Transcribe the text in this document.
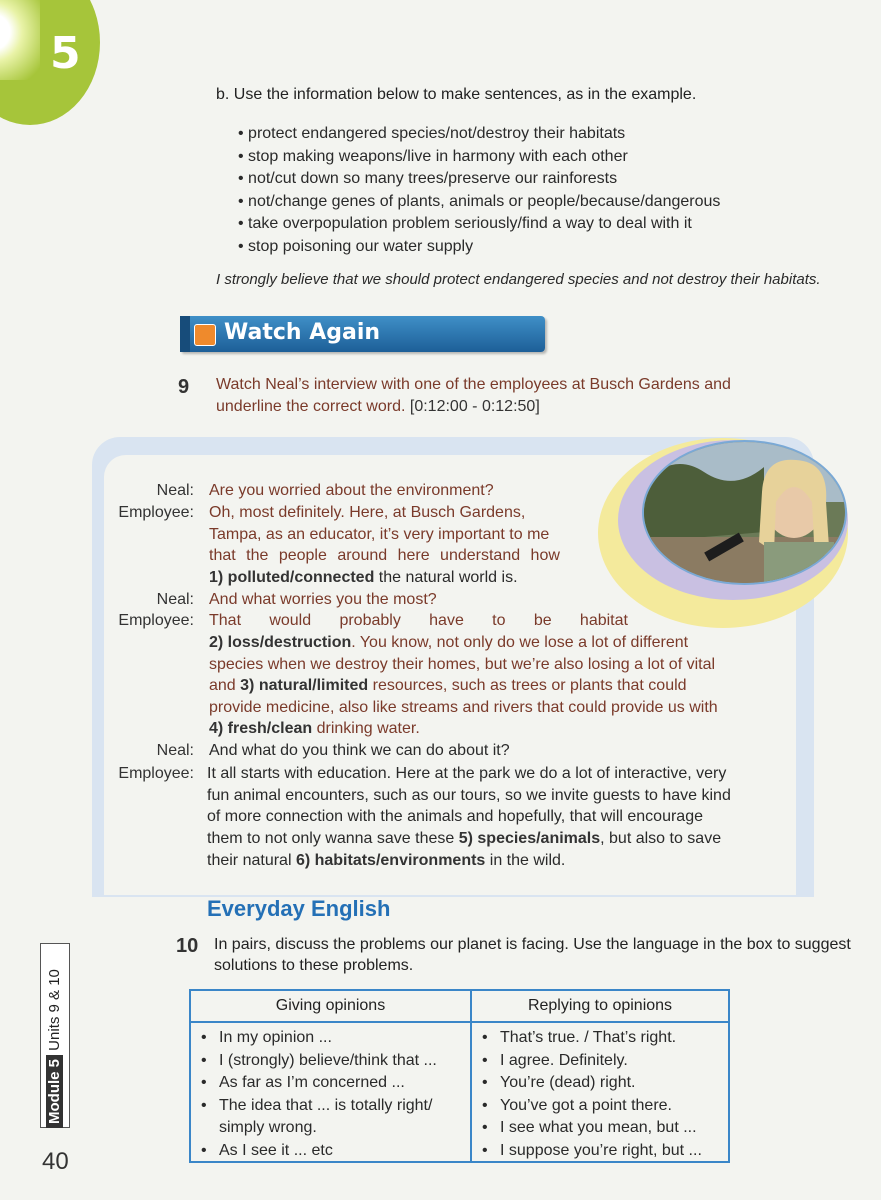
5
b. Use the information below to make sentences, as in the example.
• protect endangered species/not/destroy their habitats
• stop making weapons/live in harmony with each other
• not/cut down so many trees/preserve our rainforests
• not/change genes of plants, animals or people/because/dangerous
• take overpopulation problem seriously/find a way to deal with it
• stop poisoning our water supply
I strongly believe that we should protect endangered species and not destroy their habitats.
Watch Again
9 Watch Neal’s interview with one of the employees at Busch Gardens and
underline the correct word. [0:12:00 - 0:12:50]
Neal: Are you worried about the environment?
Employee: Oh, most definitely. Here, at Busch Gardens,
Tampa, as an educator, it’s very important to me
that the people around here understand how
1) polluted/connected the natural world is.
Neal: And what worries you the most?
Employee: That would probably have to be habitat
2) loss/destruction. You know, not only do we lose a lot of different
species when we destroy their homes, but we’re also losing a lot of vital
and 3) natural/limited resources, such as trees or plants that could
provide medicine, also like streams and rivers that could provide us with
4) fresh/clean drinking water.
Neal: And what do you think we can do about it?
Employee: It all starts with education. Here at the park we do a lot of interactive, very
fun animal encounters, such as our tours, so we invite guests to have kind
of more connection with the animals and hopefully, that will encourage
them to not only wanna save these 5) species/animals, but also to save
their natural 6) habitats/environments in the wild.
Everyday English
10 In pairs, discuss the problems our planet is facing. Use the language in the box to suggest solutions to these problems.
Giving opinions
• In my opinion ...
• I (strongly) believe/think that ...
• As far as I’m concerned ...
• The idea that ... is totally right/ simply wrong.
• As I see it ... etc
Replying to opinions
• That’s true. / That’s right.
• I agree. Definitely.
• You’re (dead) right.
• You’ve got a point there.
• I see what you mean, but ...
• I suppose you’re right, but ...
Module 5 Units 9 & 10
40
